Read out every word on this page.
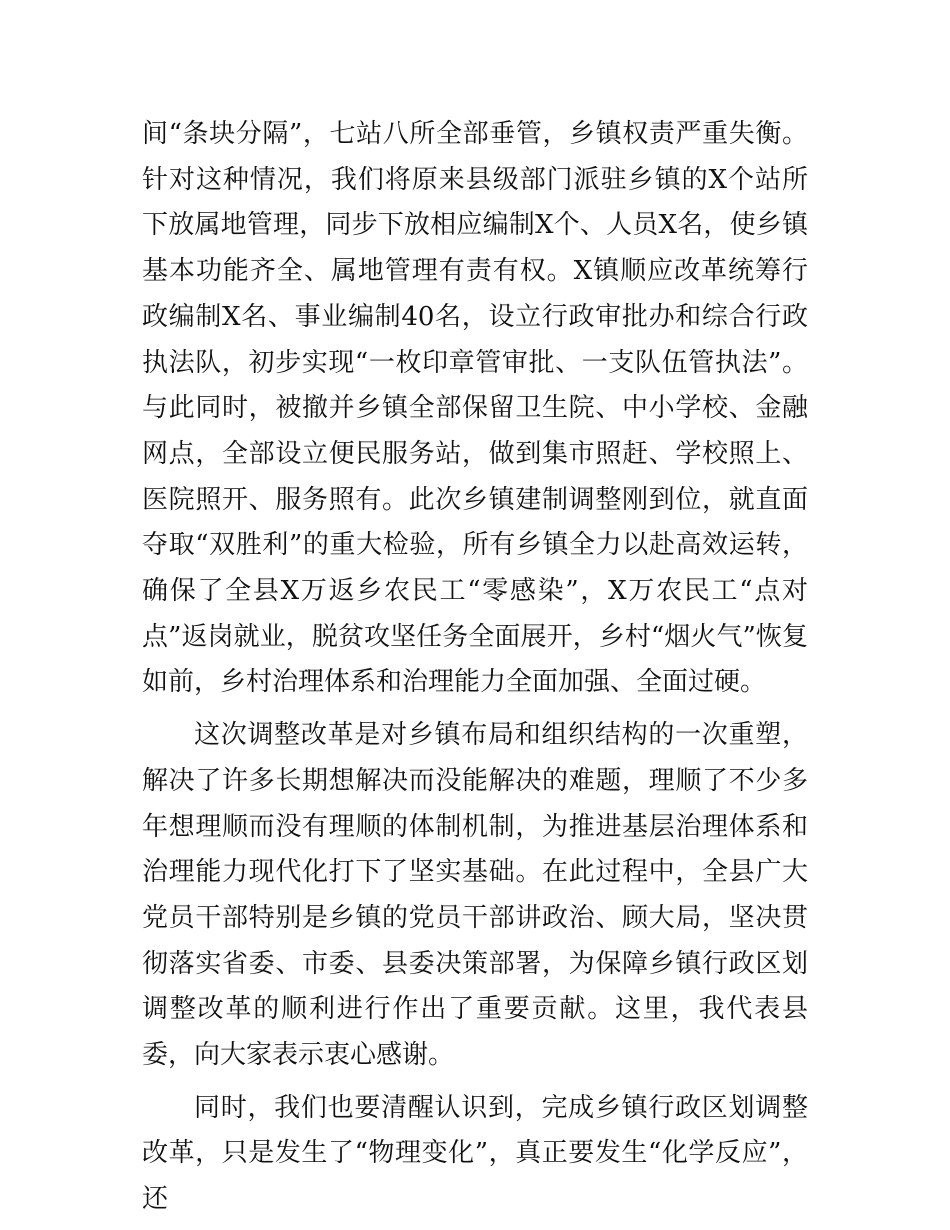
间“条块分隔”，七站八所全部垂管，乡镇权责严重失衡。针对这种情况，我们将原来县级部门派驻乡镇的X个站所下放属地管理，同步下放相应编制X个、人员X名，使乡镇基本功能齐全、属地管理有责有权。X镇顺应改革统筹行政编制X名、事业编制40名，设立行政审批办和综合行政执法队，初步实现“一枚印章管审批、一支队伍管执法”。与此同时，被撤并乡镇全部保留卫生院、中小学校、金融网点，全部设立便民服务站，做到集市照赶、学校照上、医院照开、服务照有。此次乡镇建制调整刚到位，就直面夺取“双胜利”的重大检验，所有乡镇全力以赴高效运转，确保了全县X万返乡农民工“零感染”，X万农民工“点对点”返岗就业，脱贫攻坚任务全面展开，乡村“烟火气”恢复如前，乡村治理体系和治理能力全面加强、全面过硬。

这次调整改革是对乡镇布局和组织结构的一次重塑，解决了许多长期想解决而没能解决的难题，理顺了不少多年想理顺而没有理顺的体制机制，为推进基层治理体系和治理能力现代化打下了坚实基础。在此过程中，全县广大党员干部特别是乡镇的党员干部讲政治、顾大局，坚决贯彻落实省委、市委、县委决策部署，为保障乡镇行政区划调整改革的顺利进行作出了重要贡献。这里，我代表县委，向大家表示衷心感谢。

同时，我们也要清醒认识到，完成乡镇行政区划调整改革，只是发生了“物理变化”，真正要发生“化学反应”，还
